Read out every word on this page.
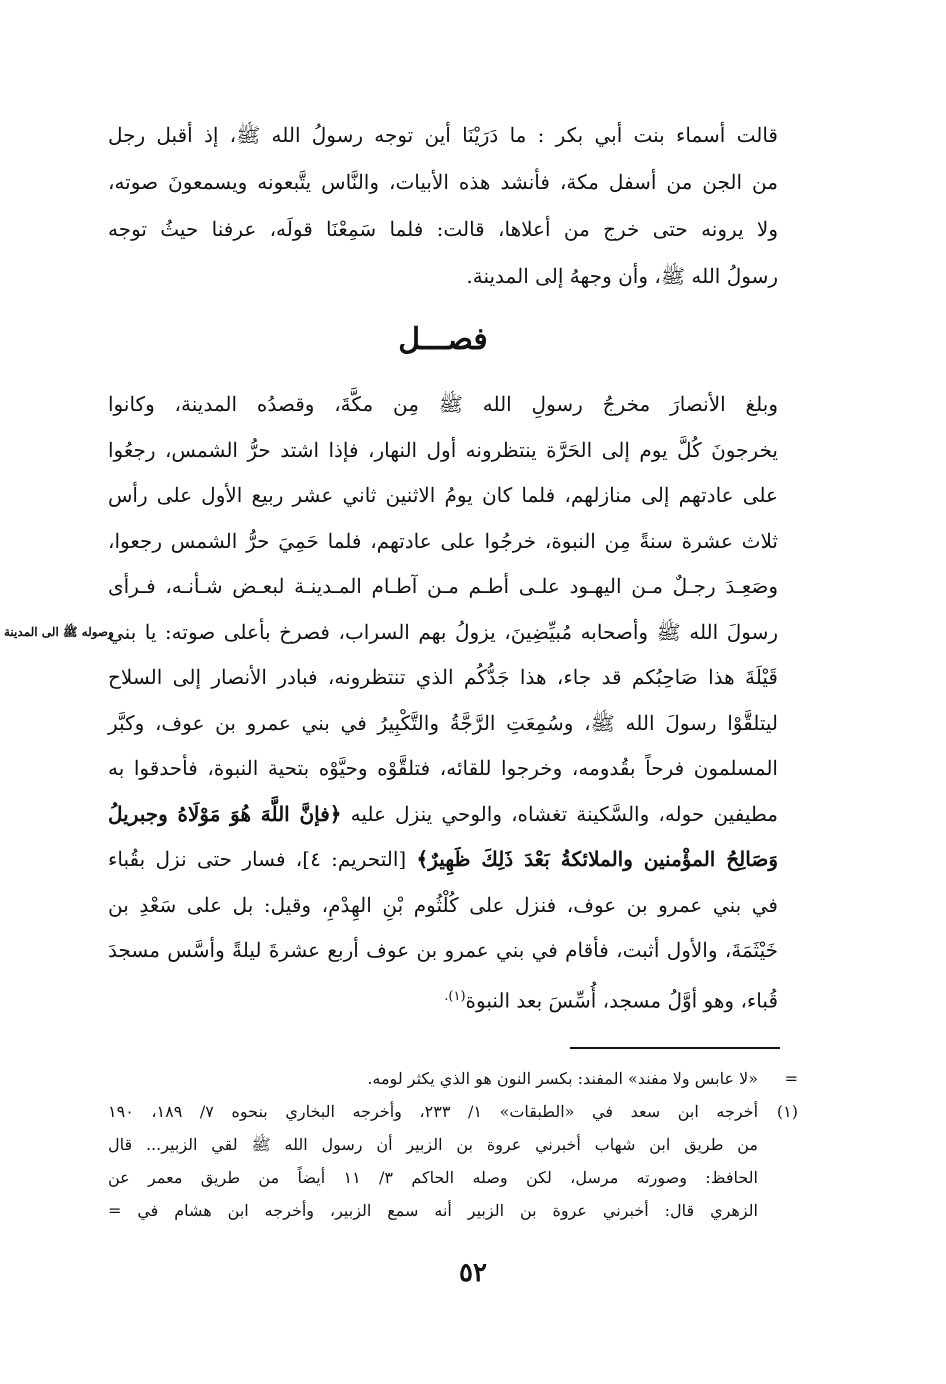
قالت أسماء بنت أبي بكر : ما دَرَيْنَا أين توجه رسولُ الله ﷺ، إذ أقبل رجل
من الجن من أسفل مكة، فأنشد هذه الأبيات، والنَّاس يتَّبعونه ويسمعونَ صوته،
ولا يرونه حتى خرج من أعلاها، قالت: فلما سَمِعْنَا قولَه، عرفنا حيثُ توجه
رسولُ الله ﷺ، وأن وجههُ إلى المدينة.
فصـــل
وبلغ الأنصارَ مخرجُ رسولِ الله ﷺ مِن مكَّةَ، وقصدُه المدينة، وكانوا
يخرجونَ كُلَّ يوم إلى الحَرَّة ينتظرونه أول النهار، فإذا اشتد حرُّ الشمس، رجعُوا
على عادتهم إلى منازلهم، فلما كان يومُ الاثنين ثاني عشر ربيع الأول على رأس
ثلاث عشرة سنةً مِن النبوة، خرجُوا على عادتهم، فلما حَمِيَ حرُّ الشمس رجعوا،
وصَعِـدَ رجـلٌ مـن اليهـود علـى أطـم مـن آطـام المـدينـة لبعـض شـأنـه، فـرأى
رسولَ الله ﷺ وأصحابه مُبيِّضِينَ، يزولُ بهم السراب، فصرخ بأعلى صوته: يا بني
قَيْلَةَ هذا صَاحِبُكم قد جاء، هذا جَدُّكُم الذي تنتظرونه، فبادر الأنصار إلى السلاح
ليتلقَّوْا رسولَ الله ﷺ، وسُمِعَتِ الرَّجَّةُ والتَّكْبِيرُ في بني عمرو بن عوف، وكبَّر
المسلمون فرحاً بقُدومه، وخرجوا للقائه، فتلقَّوْه وحيَّوْه بتحية النبوة، فأحدقوا به
مطيفين حوله، والسَّكينة تغشاه، والوحي ينزل عليه ﴿فإنَّ اللَّهَ هُوَ مَوْلَاهُ وجبريلُ
وَصَالِحُ المؤْمنين والملائكةُ بَعْدَ ذَلِكَ ظَهِيرٌ﴾ [التحريم: ٤]، فسار حتى نزل بقُباء
في بني عمرو بن عوف، فنزل على كُلْثُوم بْنِ الهِدْمِ، وقيل: بل على سَعْدِ بن
خَيْثَمَةَ، والأول أثبت، فأقام في بني عمرو بن عوف أربع عشرةَ ليلةً وأسَّس مسجدَ
قُباء، وهو أوَّلُ مسجد، أُسِّسَ بعد النبوة$^{(١).}$
وصوله ﷺ الى المدينة
=
«لا عابس ولا مفند» المفند: بكسر النون هو الذي يكثر لومه.
(١)
أخرجه ابن سعد في «الطبقات» ١/ ٢٣٣، وأخرجه البخاري بنحوه ٧/ ١٨٩، ١٩٠
من طريق ابن شهاب أخبرني عروة بن الزبير أن رسول الله ﷺ لقي الزبير... قال
الحافظ: وصورته مرسل، لكن وصله الحاكم ٣/ ١١ أيضاً من طريق معمر عن
الزهري قال: أخبرني عروة بن الزبير أنه سمع الزبير، وأخرجه ابن هشام في =
٥٢
